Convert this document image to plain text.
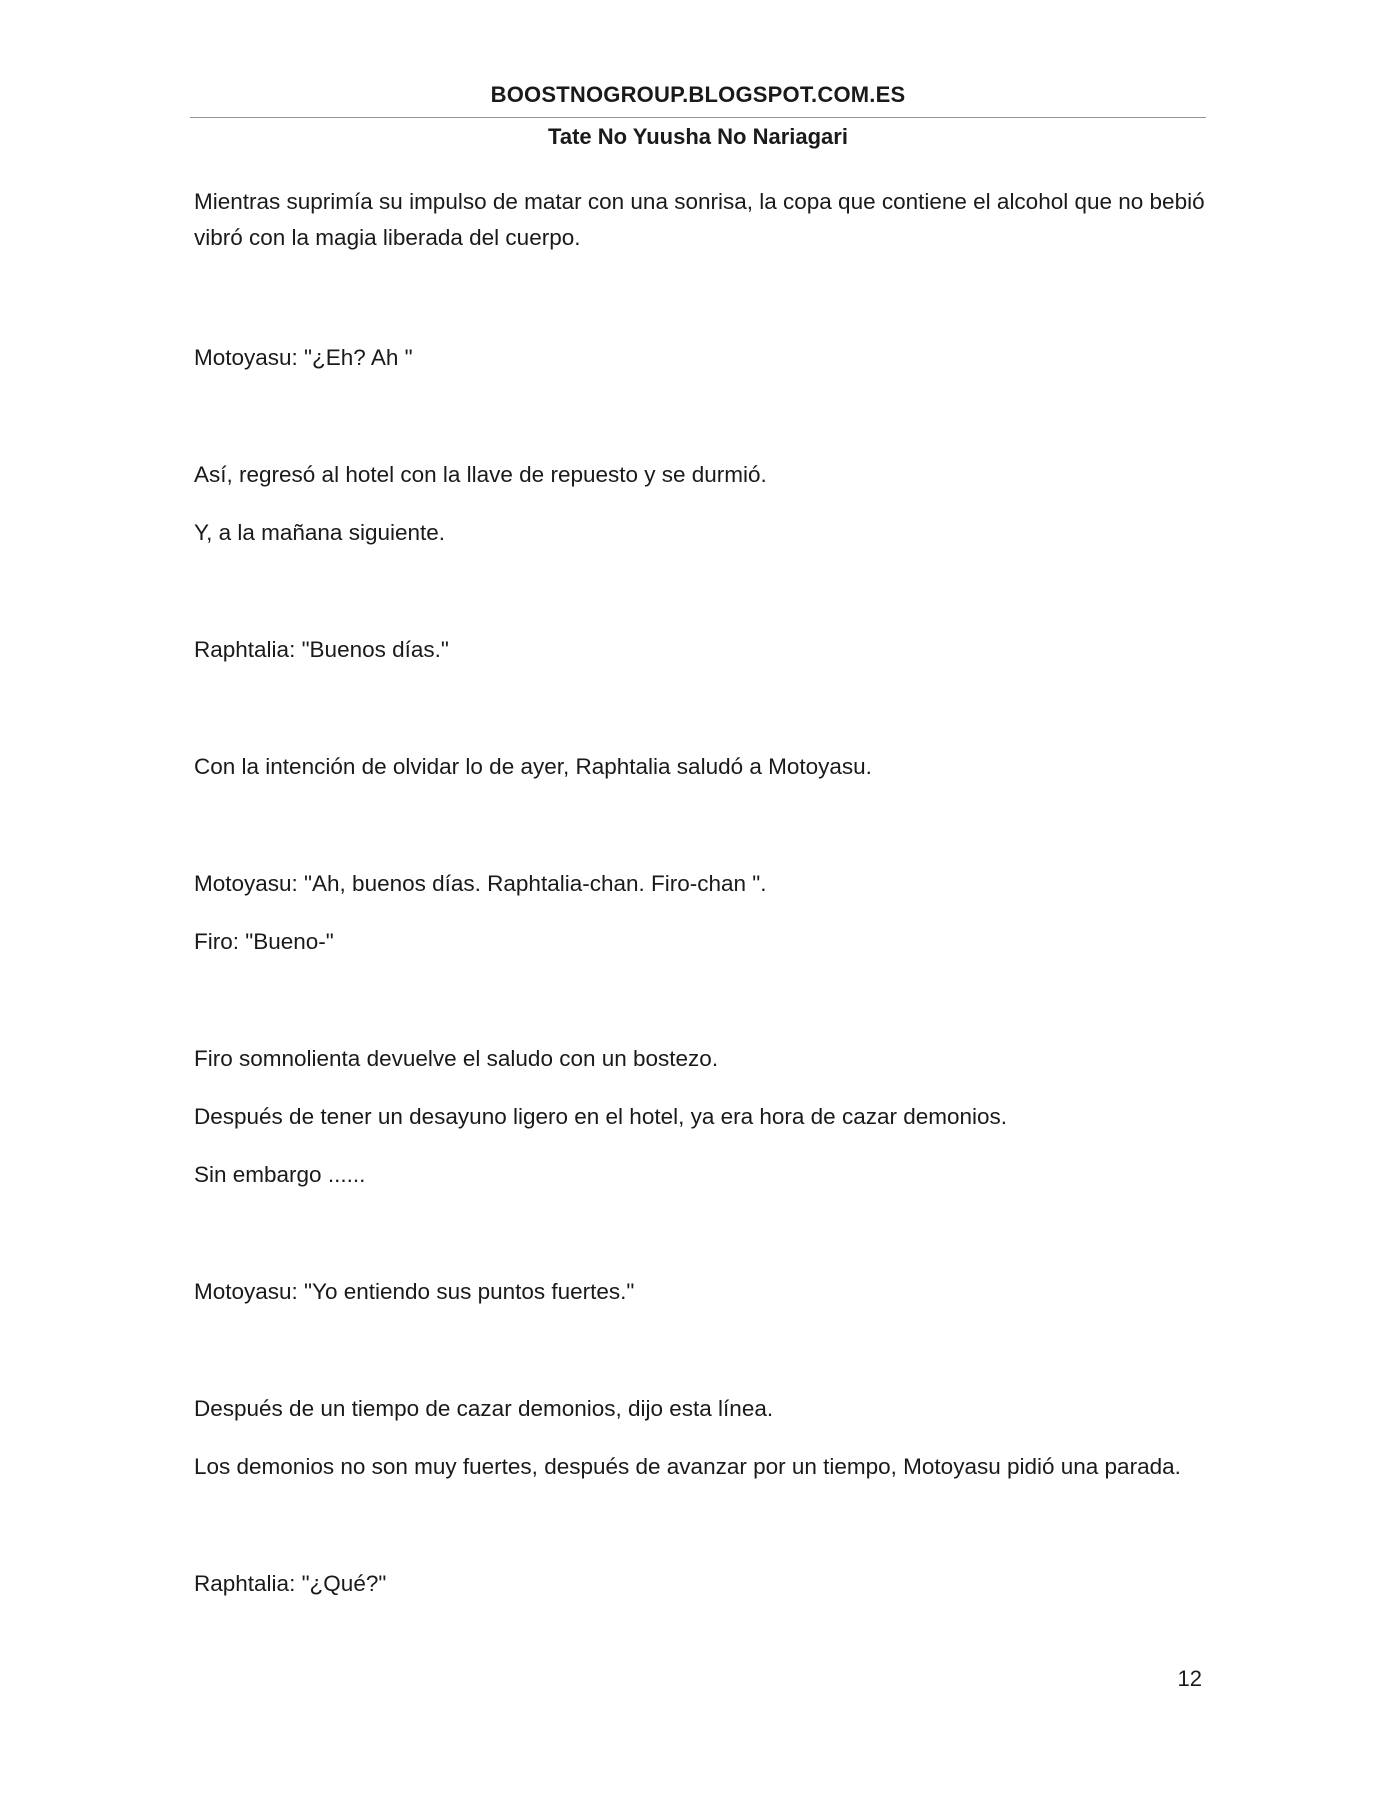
BOOSTNOGROUP.BLOGSPOT.COM.ES
Tate No Yuusha No Nariagari

Mientras suprimía su impulso de matar con una sonrisa, la copa que contiene el alcohol que no bebió vibró con la magia liberada del cuerpo.

Motoyasu: "¿Eh? Ah "

Así, regresó al hotel con la llave de repuesto y se durmió.

Y, a la mañana siguiente.

Raphtalia: "Buenos días."

Con la intención de olvidar lo de ayer, Raphtalia saludó a Motoyasu.

Motoyasu: "Ah, buenos días. Raphtalia-chan. Firo-chan ".

Firo: "Bueno-"

Firo somnolienta devuelve el saludo con un bostezo.

Después de tener un desayuno ligero en el hotel, ya era hora de cazar demonios.

Sin embargo ......

Motoyasu: "Yo entiendo sus puntos fuertes."

Después de un tiempo de cazar demonios, dijo esta línea.

Los demonios no son muy fuertes, después de avanzar por un tiempo, Motoyasu pidió una parada.

Raphtalia: "¿Qué?"

12
